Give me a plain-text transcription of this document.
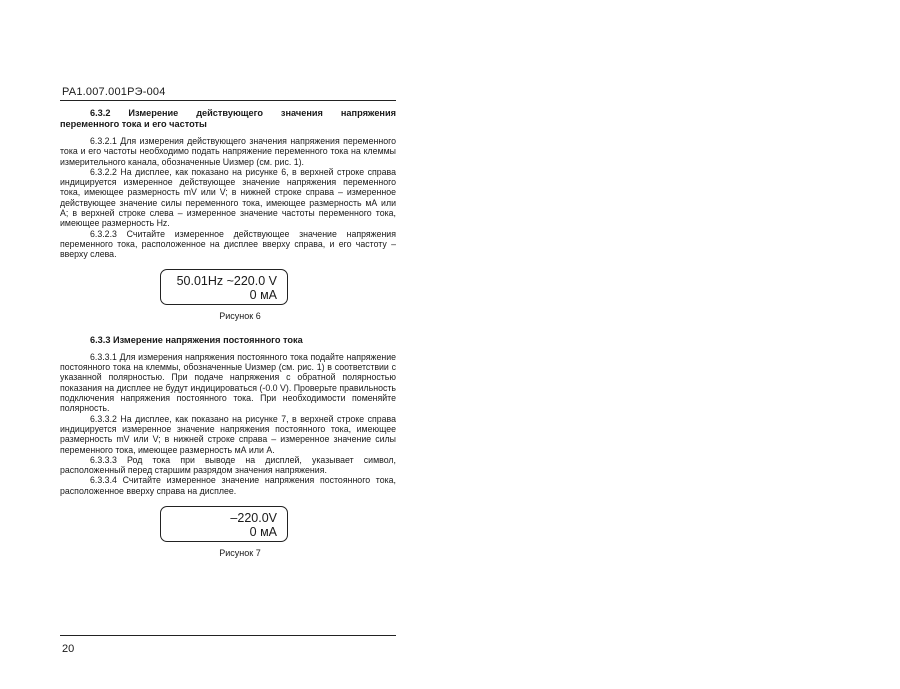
РА1.007.001РЭ-004
6.3.2 Измерение действующего значения напряжения переменного тока и его частоты

6.3.2.1 Для измерения действующего значения напряжения переменного тока и его частоты необходимо подать напряжение переменного тока на клеммы измерительного канала, обозначенные Uизмер (см. рис. 1).

6.3.2.2 На дисплее, как показано на рисунке 6, в верхней строке справа индицируется измеренное действующее значение напряжения переменного тока, имеющее размерность mV или V; в нижней строке справа – измеренное действующее значение силы переменного тока, имеющее размерность мА или А; в верхней строке слева – измеренное значение частоты переменного тока, имеющее размерность Hz.

6.3.2.3 Считайте измеренное действующее значение напряжения переменного тока, расположенное на дисплее вверху справа, и его частоту – вверху слева.

50.01Hz ~220.0 V
0 мА
Рисунок 6
6.3.3 Измерение напряжения постоянного тока

6.3.3.1 Для измерения напряжения постоянного тока подайте напряжение постоянного тока на клеммы, обозначенные Uизмер (см. рис. 1) в соответствии с указанной полярностью. При подаче напряжения с обратной полярностью показания на дисплее не будут индицироваться (-0.0 V). Проверьте правильность подключения напряжения постоянного тока. При необходимости поменяйте полярность.

6.3.3.2 На дисплее, как показано на рисунке 7, в верхней строке справа индицируется измеренное значение напряжения постоянного тока, имеющее размерность mV или V; в нижней строке справа – измеренное значение силы переменного тока, имеющее размерность мА или А.

6.3.3.3 Род тока при выводе на дисплей, указывает символ, расположенный перед старшим разрядом значения напряжения.

6.3.3.4 Считайте измеренное значение напряжения постоянного тока, расположенное вверху справа на дисплее.

–220.0V
0 мА
Рисунок 7
20
